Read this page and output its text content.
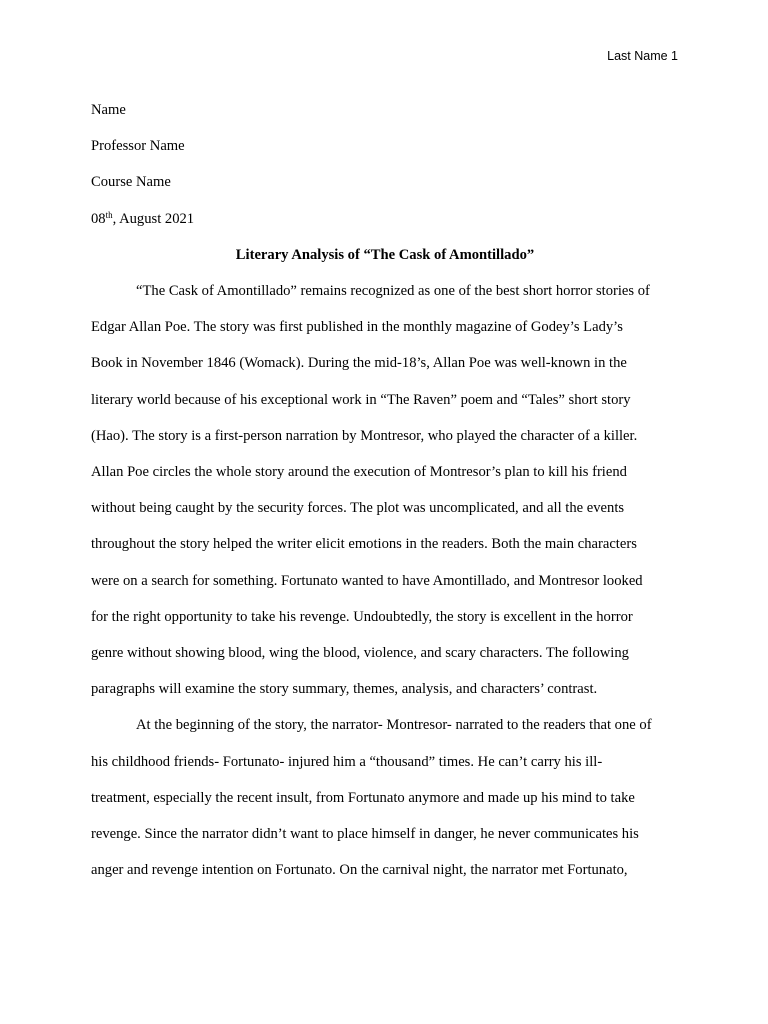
Last Name 1

Name

Professor Name

Course Name

08th, August 2021

Literary Analysis of “The Cask of Amontillado”

“The Cask of Amontillado” remains recognized as one of the best short horror stories of
Edgar Allan Poe. The story was first published in the monthly magazine of Godey’s Lady’s
Book in November 1846 (Womack). During the mid-18’s, Allan Poe was well-known in the
literary world because of his exceptional work in “The Raven” poem and “Tales” short story
(Hao). The story is a first-person narration by Montresor, who played the character of a killer.
Allan Poe circles the whole story around the execution of Montresor’s plan to kill his friend
without being caught by the security forces. The plot was uncomplicated, and all the events
throughout the story helped the writer elicit emotions in the readers. Both the main characters
were on a search for something. Fortunato wanted to have Amontillado, and Montresor looked
for the right opportunity to take his revenge. Undoubtedly, the story is excellent in the horror
genre without showing blood, wing the blood, violence, and scary characters. The following
paragraphs will examine the story summary, themes, analysis, and characters’ contrast.
At the beginning of the story, the narrator- Montresor- narrated to the readers that one of
his childhood friends- Fortunato- injured him a “thousand” times. He can’t carry his ill-
treatment, especially the recent insult, from Fortunato anymore and made up his mind to take
revenge. Since the narrator didn’t want to place himself in danger, he never communicates his
anger and revenge intention on Fortunato. On the carnival night, the narrator met Fortunato,
